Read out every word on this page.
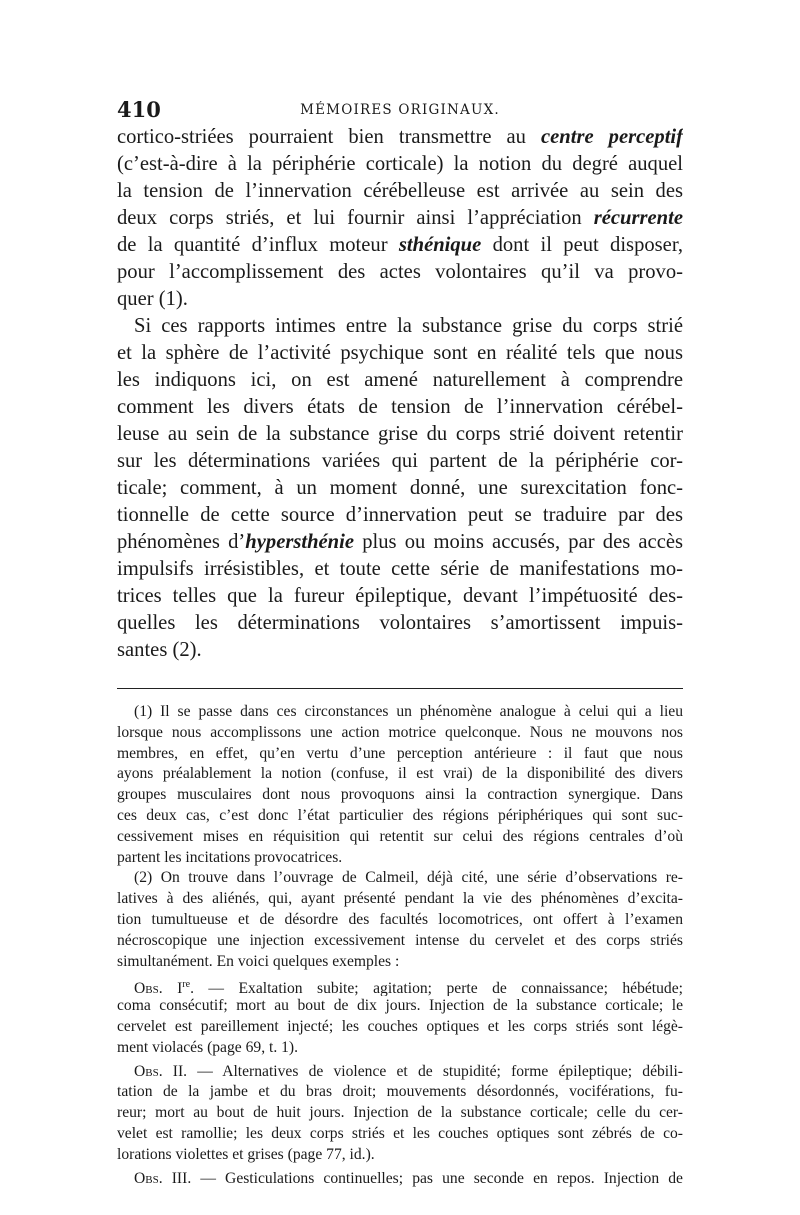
410	MÉMOIRES ORIGINAUX.
cortico-striées pourraient bien transmettre au centre perceptif
(c’est-à-dire à la périphérie corticale) la notion du degré auquel
la tension de l’innervation cérébelleuse est arrivée au sein des
deux corps striés, et lui fournir ainsi l’appréciation récurrente
de la quantité d’influx moteur sthénique dont il peut disposer,
pour l’accomplissement des actes volontaires qu’il va provo-
quer (1).
Si ces rapports intimes entre la substance grise du corps strié
et la sphère de l’activité psychique sont en réalité tels que nous
les indiquons ici, on est amené naturellement à comprendre
comment les divers états de tension de l’innervation cérébel-
leuse au sein de la substance grise du corps strié doivent retentir
sur les déterminations variées qui partent de la périphérie cor-
ticale; comment, à un moment donné, une surexcitation fonc-
tionnelle de cette source d’innervation peut se traduire par des
phénomènes d’hypersthénie plus ou moins accusés, par des accès
impulsifs irrésistibles, et toute cette série de manifestations mo-
trices telles que la fureur épileptique, devant l’impétuosité des-
quelles les déterminations volontaires s’amortissent impuis-
santes (2).
(1) Il se passe dans ces circonstances un phénomène analogue à celui qui a lieu
lorsque nous accomplissons une action motrice quelconque. Nous ne mouvons nos
membres, en effet, qu’en vertu d’une perception antérieure : il faut que nous
ayons préalablement la notion (confuse, il est vrai) de la disponibilité des divers
groupes musculaires dont nous provoquons ainsi la contraction synergique. Dans
ces deux cas, c’est donc l’état particulier des régions périphériques qui sont suc-
cessivement mises en réquisition qui retentit sur celui des régions centrales d’où
partent les incitations provocatrices.
(2) On trouve dans l’ouvrage de Calmeil, déjà cité, une série d’observations re-
latives à des aliénés, qui, ayant présenté pendant la vie des phénomènes d’excita-
tion tumultueuse et de désordre des facultés locomotrices, ont offert à l’examen
nécroscopique une injection excessivement intense du cervelet et des corps striés
simultanément. En voici quelques exemples :
Obs. Ire. — Exaltation subite; agitation; perte de connaissance; hébétude;
coma consécutif; mort au bout de dix jours. Injection de la substance corticale; le
cervelet est pareillement injecté; les couches optiques et les corps striés sont légè-
ment violacés (page 69, t. 1).
Obs. II. — Alternatives de violence et de stupidité; forme épileptique; débili-
tation de la jambe et du bras droit; mouvements désordonnés, vociférations, fu-
reur; mort au bout de huit jours. Injection de la substance corticale; celle du cer-
velet est ramollie; les deux corps striés et les couches optiques sont zébrés de co-
lorations violettes et grises (page 77, id.).
Obs. III. — Gesticulations continuelles; pas une seconde en repos. Injection de
